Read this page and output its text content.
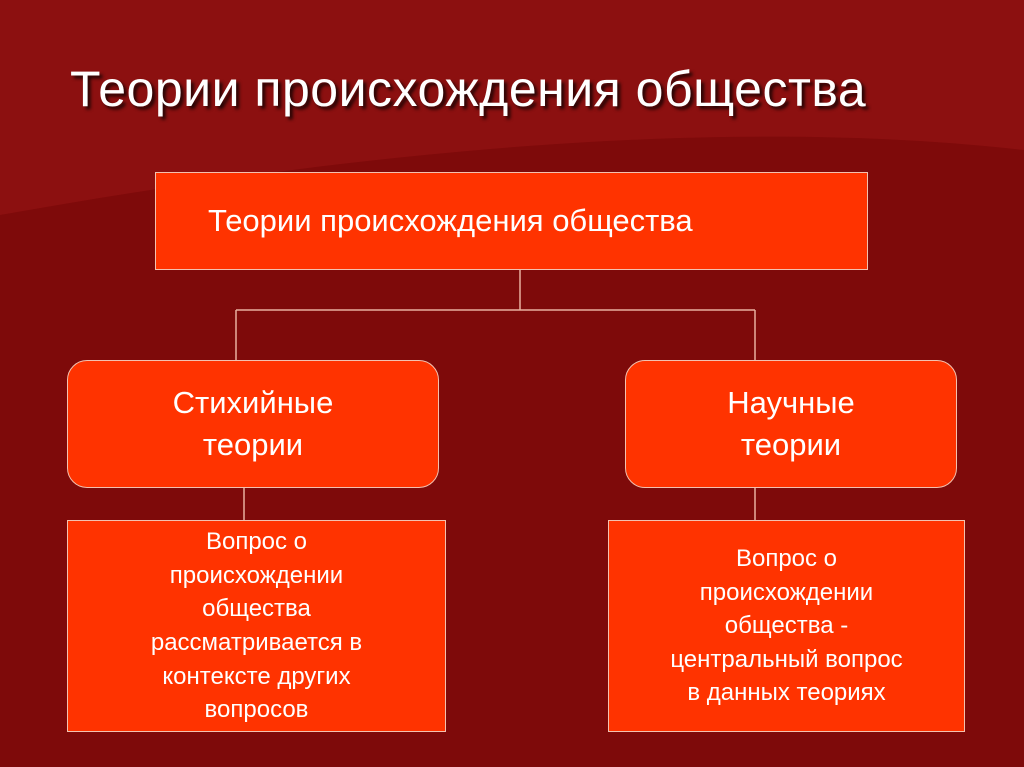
Теории происхождения общества
Теории происхождения общества
Стихийные
теории
Научные
теории
Вопрос о
происхождении
общества
рассматривается в
контексте других
вопросов
Вопрос о
происхождении
общества -
центральный вопрос
в данных теориях
